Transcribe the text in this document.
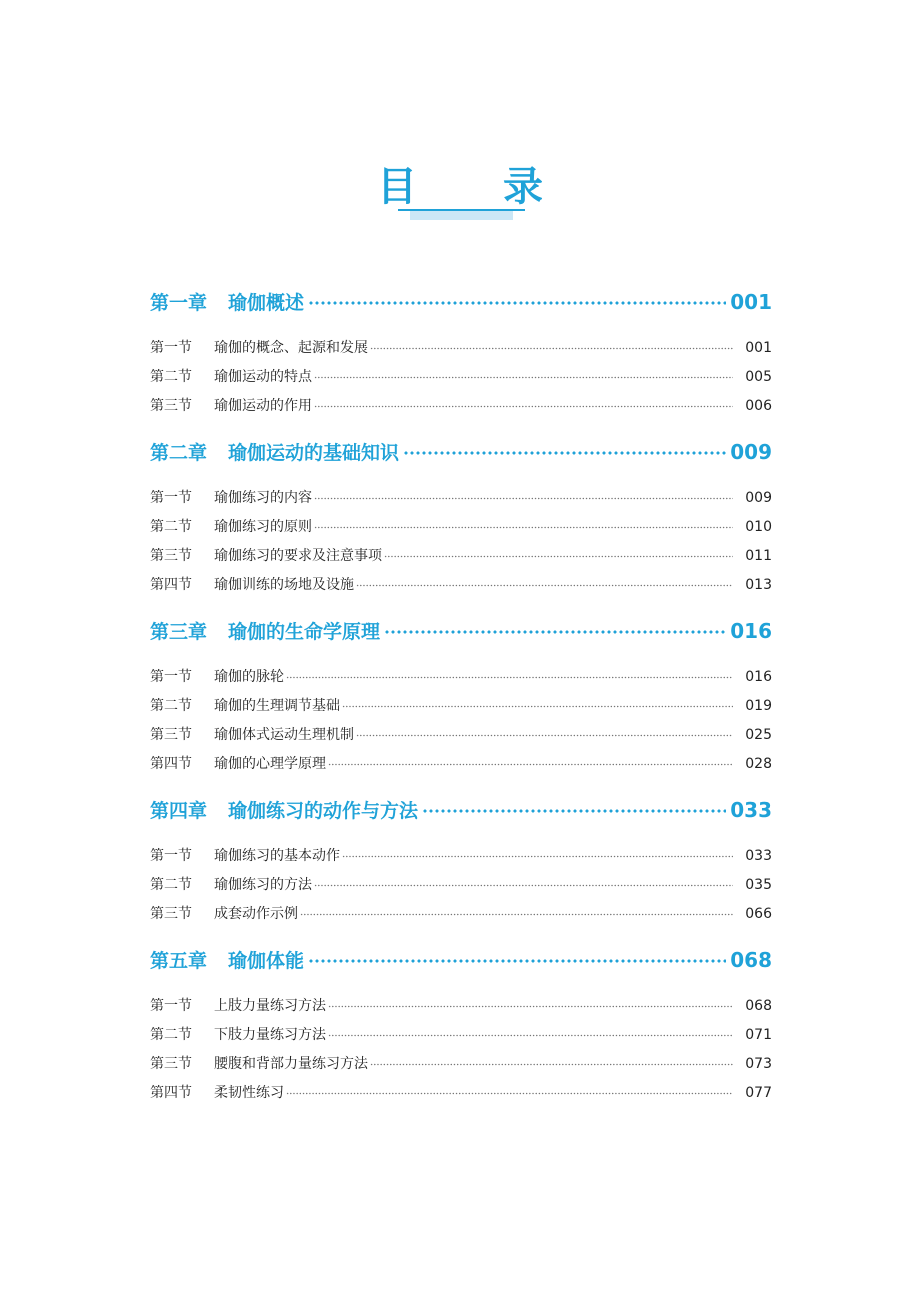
目 录
第一章	瑜伽概述	001
第一节	瑜伽的概念、起源和发展	001
第二节	瑜伽运动的特点	005
第三节	瑜伽运动的作用	006
第二章	瑜伽运动的基础知识	009
第一节	瑜伽练习的内容	009
第二节	瑜伽练习的原则	010
第三节	瑜伽练习的要求及注意事项	011
第四节	瑜伽训练的场地及设施	013
第三章	瑜伽的生命学原理	016
第一节	瑜伽的脉轮	016
第二节	瑜伽的生理调节基础	019
第三节	瑜伽体式运动生理机制	025
第四节	瑜伽的心理学原理	028
第四章	瑜伽练习的动作与方法	033
第一节	瑜伽练习的基本动作	033
第二节	瑜伽练习的方法	035
第三节	成套动作示例	066
第五章	瑜伽体能	068
第一节	上肢力量练习方法	068
第二节	下肢力量练习方法	071
第三节	腰腹和背部力量练习方法	073
第四节	柔韧性练习	077
